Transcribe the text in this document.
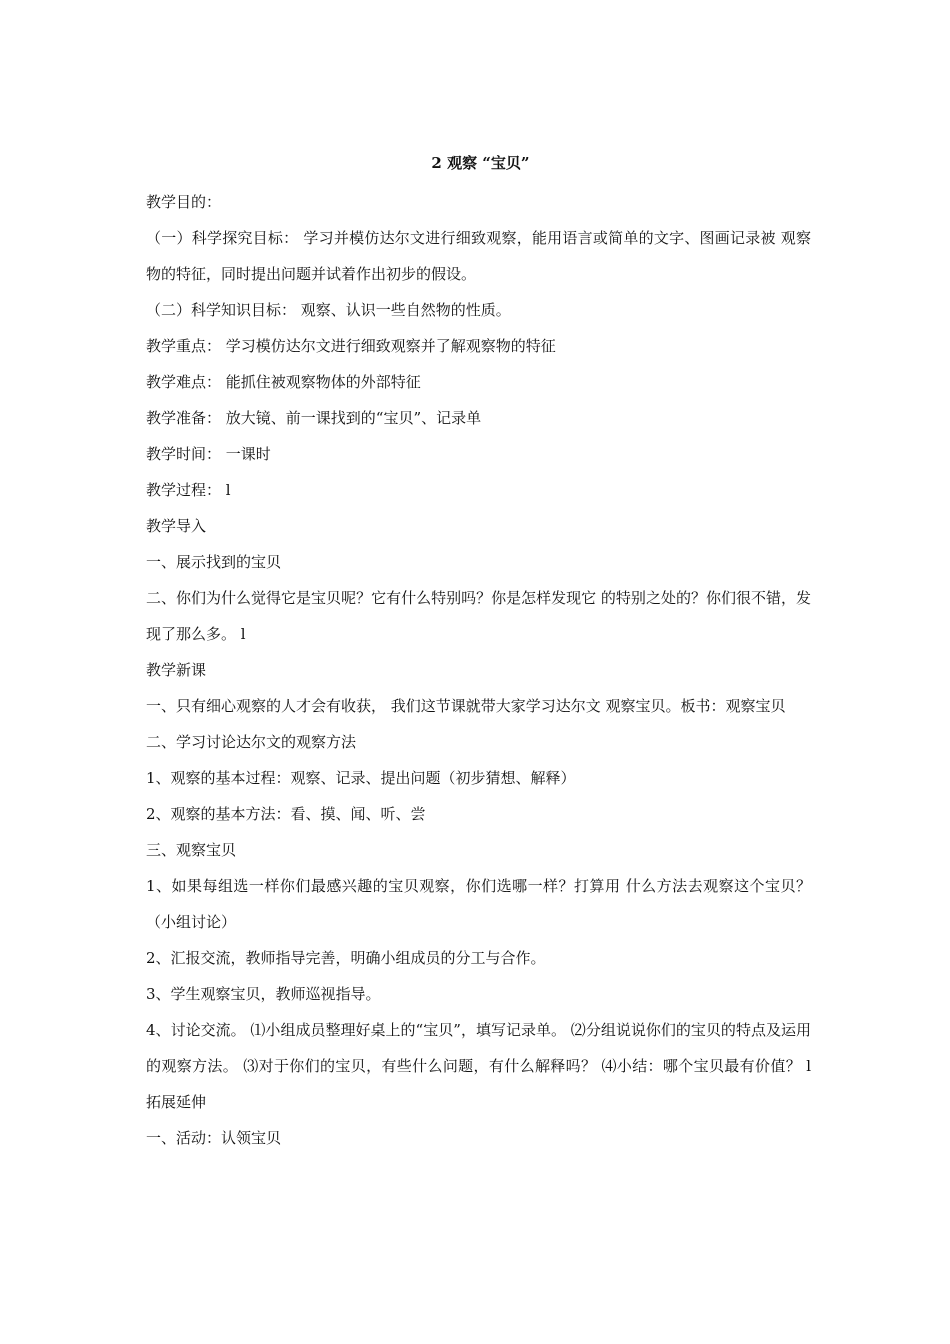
2 观察 “宝贝”

教学目的：

（一）科学探究目标： 学习并模仿达尔文进行细致观察，能用语言或简单的文字、图画记录被 观察物的特征，同时提出问题并试着作出初步的假设。

（二）科学知识目标： 观察、认识一些自然物的性质。

教学重点： 学习模仿达尔文进行细致观察并了解观察物的特征

教学难点： 能抓住被观察物体的外部特征

教学准备： 放大镜、前一课找到的“宝贝”、记录单

教学时间： 一课时

教学过程： l

教学导入

一、展示找到的宝贝

二、你们为什么觉得它是宝贝呢？它有什么特别吗？你是怎样发现它 的特别之处的？你们很不错，发现了那么多。 l

教学新课

一、只有细心观察的人才会有收获， 我们这节课就带大家学习达尔文 观察宝贝。板书：观察宝贝

二、学习讨论达尔文的观察方法

1、观察的基本过程：观察、记录、提出问题（初步猜想、解释）

2、观察的基本方法：看、摸、闻、听、尝

三、观察宝贝

1、如果每组选一样你们最感兴趣的宝贝观察，你们选哪一样？打算用 什么方法去观察这个宝贝？（小组讨论）

2、汇报交流，教师指导完善，明确小组成员的分工与合作。

3、学生观察宝贝，教师巡视指导。

4、讨论交流。 ⑴小组成员整理好桌上的“宝贝”，填写记录单。 ⑵分组说说你们的宝贝的特点及运用的观察方法。 ⑶对于你们的宝贝，有些什么问题，有什么解释吗？ ⑷小结：哪个宝贝最有价值？ l 拓展延伸

一、活动：认领宝贝
